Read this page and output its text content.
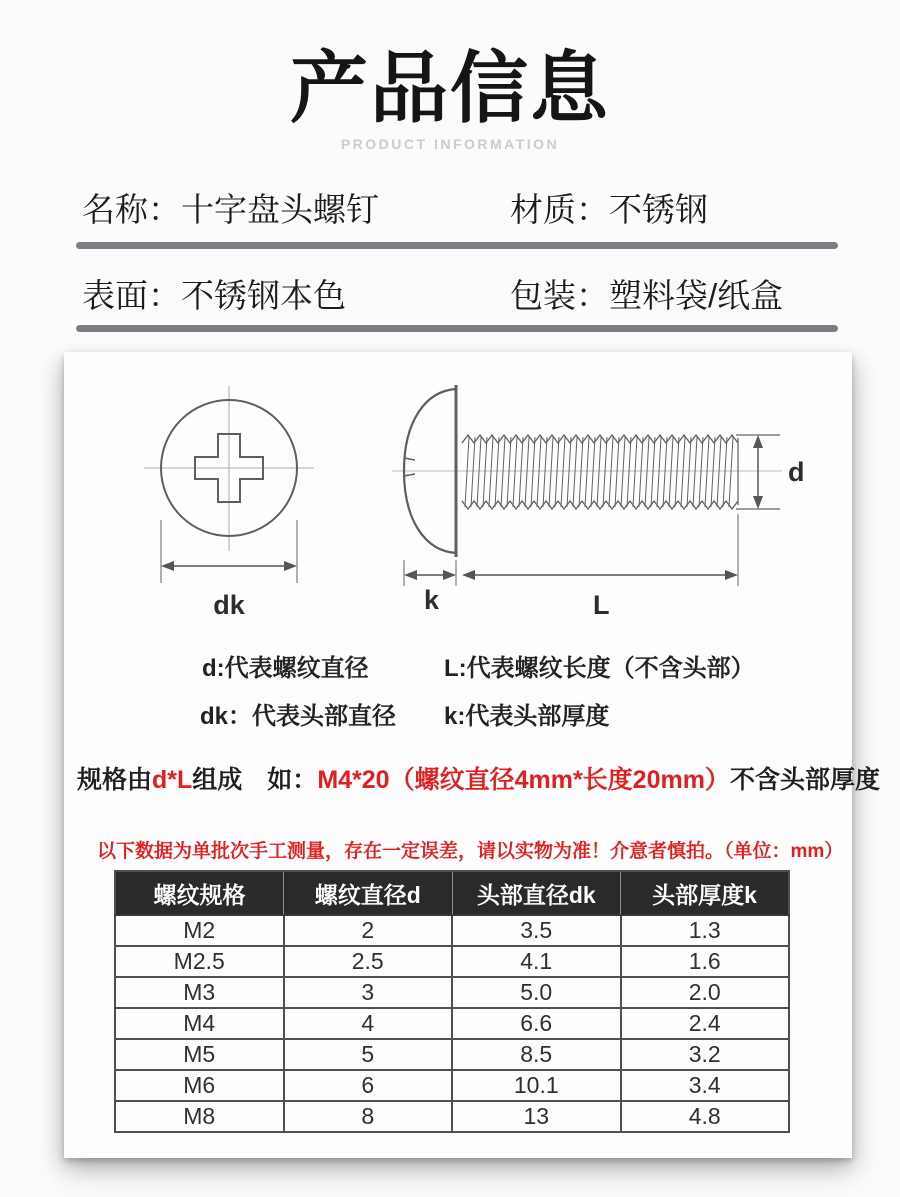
产品信息
PRODUCT INFORMATION
名称：十字盘头螺钉	材质：不锈钢
表面：不锈钢本色	包装：塑料袋/纸盒
dk
d
k	L
d:代表螺纹直径	L:代表螺纹长度（不含头部）
dk：代表头部直径 k:代表头部厚度
规格由d*L组成　如：M4*20（螺纹直径4mm*长度20mm）不含头部厚度
以下数据为单批次手工测量，存在一定误差，请以实物为准！介意者慎拍。（单位：mm）
螺纹规格	螺纹直径d	头部直径dk	头部厚度k
M2	2	3.5	1.3
M2.5	2.5	4.1	1.6
M3	3	5.0	2.0
M4	4	6.6	2.4
M5	5	8.5	3.2
M6	6	10.1	3.4
M8	8	13	4.8
